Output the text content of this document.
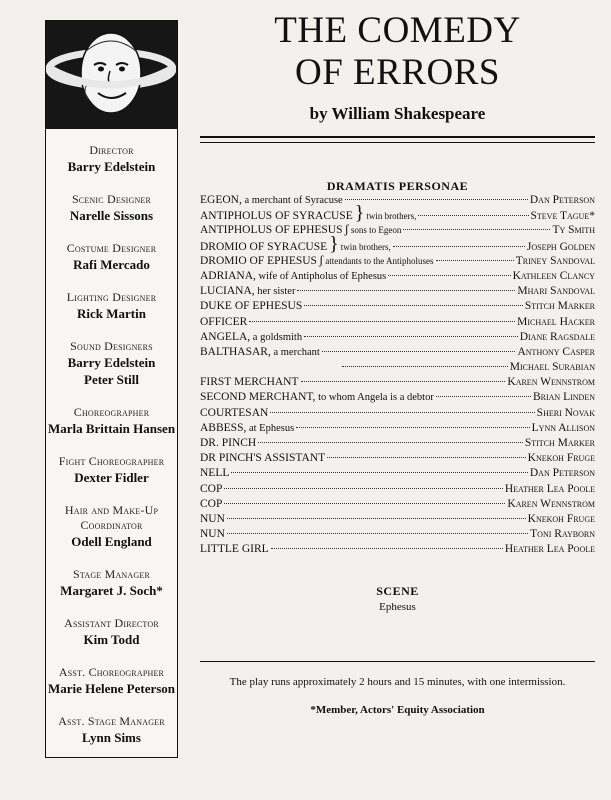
Director
Barry Edelstein
Scenic Designer
Narelle Sissons
Costume Designer
Rafi Mercado
Lighting Designer
Rick Martin
Sound Designers
Barry Edelstein
Peter Still
Choreographer
Marla Brittain Hansen
Fight Choreographer
Dexter Fidler
Hair and Make-Up Coordinator
Odell England
Stage Manager
Margaret J. Soch*
Assistant Director
Kim Todd
Asst. Choreographer
Marie Helene Peterson
Asst. Stage Manager
Lynn Sims
THE COMEDY
OF ERRORS
by William Shakespeare
DRAMATIS PERSONAE
EGEON, a merchant of Syracuse	Dan Peterson
ANTIPHOLUS OF SYRACUSE } twin brothers,	Steve Tague*
ANTIPHOLUS OF EPHESUS ʃ sons to Egeon	Ty Smith
DROMIO OF SYRACUSE } twin brothers,	Joseph Golden
DROMIO OF EPHESUS ʃ attendants to the Antipholuses	Triney Sandoval
ADRIANA, wife of Antipholus of Ephesus	Kathleen Clancy
LUCIANA, her sister	Mhari Sandoval
DUKE OF EPHESUS	Stitch Marker
OFFICER	Michael Hacker
ANGELA, a goldsmith	Diane Ragsdale
BALTHASAR, a merchant	Anthony Casper
Michael Surabian
FIRST MERCHANT	Karen Wennstrom
SECOND MERCHANT, to whom Angela is a debtor	Brian Linden
COURTESAN	Sheri Novak
ABBESS, at Ephesus	Lynn Allison
DR. PINCH	Stitch Marker
DR PINCH'S ASSISTANT	Knekoh Fruge
NELL	Dan Peterson
COP	Heather Lea Poole
COP	Karen Wennstrom
NUN	Knekoh Fruge
NUN	Toni Rayborn
LITTLE GIRL	Heather Lea Poole
SCENE
Ephesus
The play runs approximately 2 hours and 15 minutes, with one intermission.
*Member, Actors' Equity Association
